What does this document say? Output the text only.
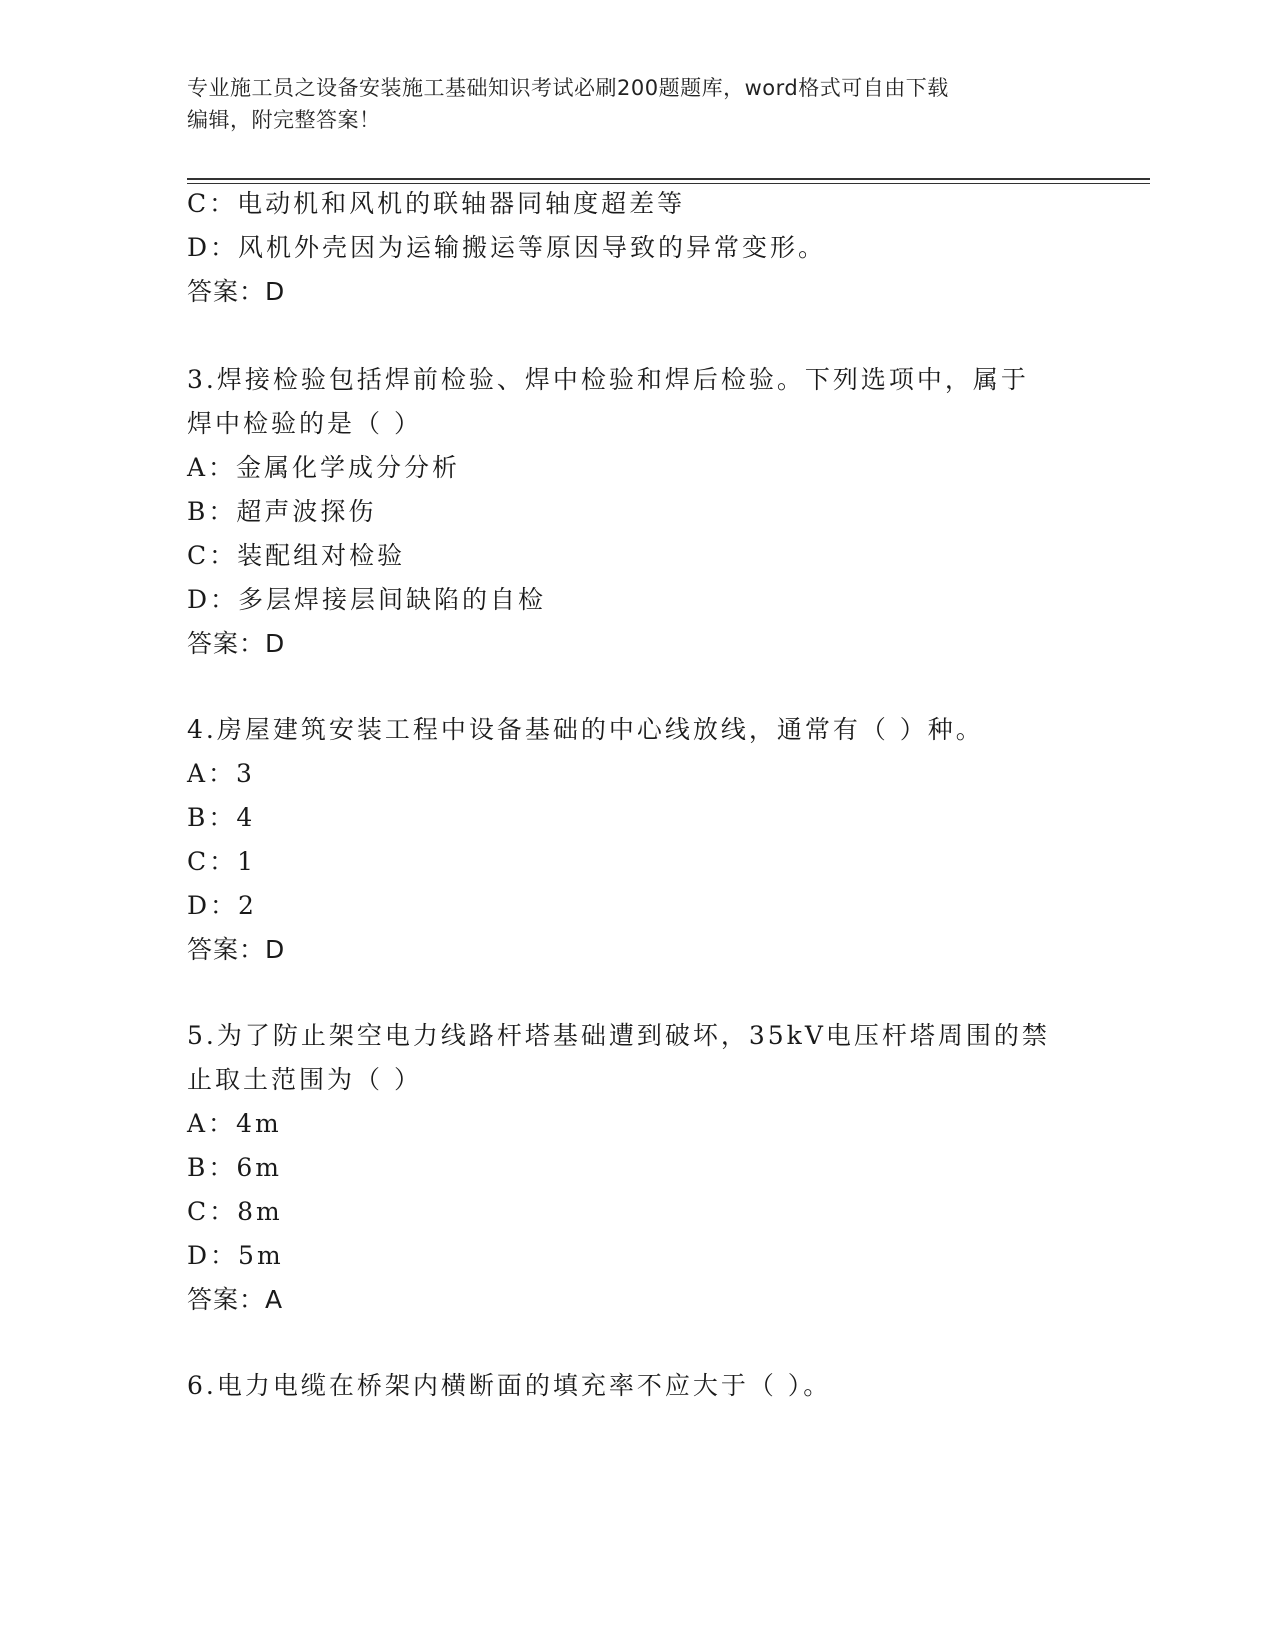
专业施工员之设备安装施工基础知识考试必刷200题题库，word格式可自由下载
编辑，附完整答案！
C：电动机和风机的联轴器同轴度超差等
D：风机外壳因为运输搬运等原因导致的异常变形。
答案：D
3.焊接检验包括焊前检验、焊中检验和焊后检验。下列选项中，属于
焊中检验的是（ ）
A：金属化学成分分析
B：超声波探伤
C：装配组对检验
D：多层焊接层间缺陷的自检
答案：D
4.房屋建筑安装工程中设备基础的中心线放线，通常有（ ）种。
A：3
B：4
C：1
D：2
答案：D
5.为了防止架空电力线路杆塔基础遭到破坏，35kV电压杆塔周围的禁
止取土范围为（ ）
A：4m
B：6m
C：8m
D：5m
答案：A
6.电力电缆在桥架内横断面的填充率不应大于（ ）。
